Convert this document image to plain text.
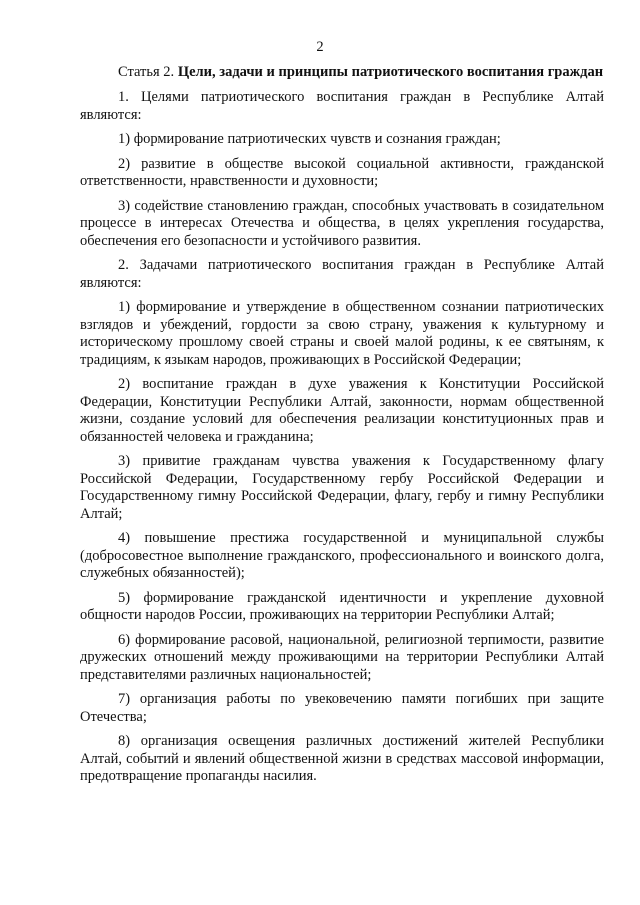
2

Статья 2. Цели, задачи и принципы патриотического воспитания граждан

1. Целями патриотического воспитания граждан в Республике Алтай являются:

1) формирование патриотических чувств и сознания граждан;

2) развитие в обществе высокой социальной активности, гражданской ответственности, нравственности и духовности;

3) содействие становлению граждан, способных участвовать в созидательном процессе в интересах Отечества и общества, в целях укрепления государства, обеспечения его безопасности и устойчивого развития.

2. Задачами патриотического воспитания граждан в Республике Алтай являются:

1) формирование и утверждение в общественном сознании патриотических взглядов и убеждений, гордости за свою страну, уважения к культурному и историческому прошлому своей страны и своей малой родины, к ее святыням, к традициям, к языкам народов, проживающих в Российской Федерации;

2) воспитание граждан в духе уважения к Конституции Российской Федерации, Конституции Республики Алтай, законности, нормам общественной жизни, создание условий для обеспечения реализации конституционных прав и обязанностей человека и гражданина;

3) привитие гражданам чувства уважения к Государственному флагу Российской Федерации, Государственному гербу Российской Федерации и Государственному гимну Российской Федерации, флагу, гербу и гимну Республики Алтай;

4) повышение престижа государственной и муниципальной службы (добросовестное выполнение гражданского, профессионального и воинского долга, служебных обязанностей);

5) формирование гражданской идентичности и укрепление духовной общности народов России, проживающих на территории Республики Алтай;

6) формирование расовой, национальной, религиозной терпимости, развитие дружеских отношений между проживающими на территории Республики Алтай представителями различных национальностей;

7) организация работы по увековечению памяти погибших при защите Отечества;

8) организация освещения различных достижений жителей Республики Алтай, событий и явлений общественной жизни в средствах массовой информации, предотвращение пропаганды насилия.
